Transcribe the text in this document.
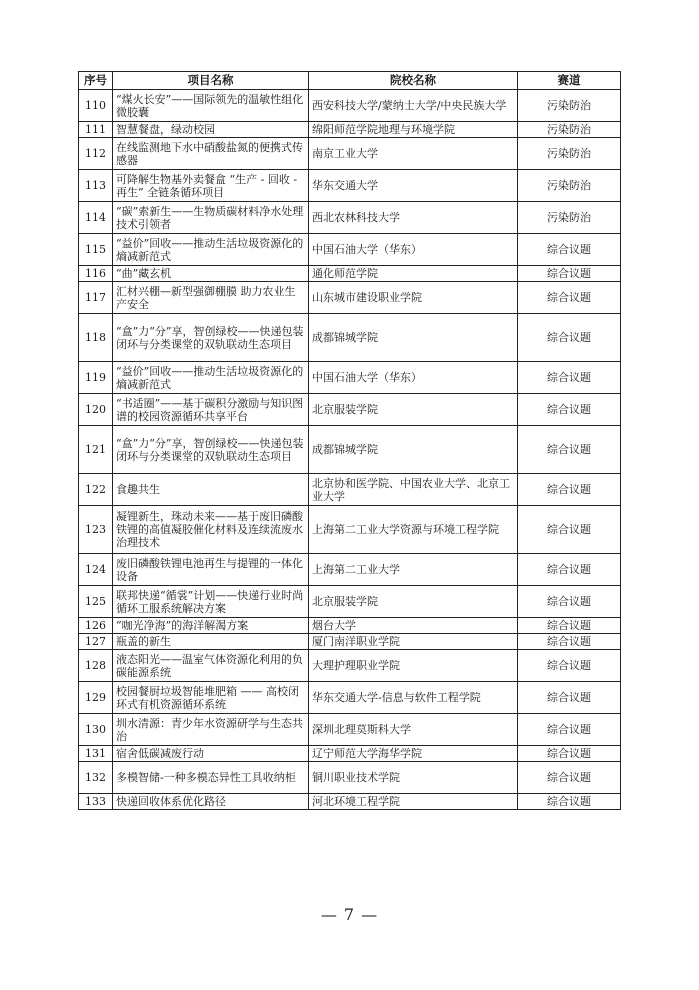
序号	项目名称	院校名称	赛道
110	“煤火长安”——国际领先的温敏性组化微胶囊	西安科技大学/蒙纳士大学/中央民族大学	污染防治
111	智慧餐盘，绿动校园	绵阳师范学院地理与环境学院	污染防治
112	在线监测地下水中硝酸盐氮的便携式传感器	南京工业大学	污染防治
113	可降解生物基外卖餐盒 “生产 - 回收 - 再生” 全链条循环项目	华东交通大学	污染防治
114	“碳”索新生——生物质碳材料净水处理技术引领者	西北农林科技大学	污染防治
115	“益价”回收——推动生活垃圾资源化的熵减新范式	中国石油大学（华东）	综合议题
116	“曲”藏玄机	通化师范学院	综合议题
117	汇材兴棚—新型强御棚膜 助力农业生产安全	山东城市建设职业学院	综合议题
118	“盒”力“分”享，智创绿校——快递包装闭环与分类课堂的双轨联动生态项目	成都锦城学院	综合议题
119	“益价”回收——推动生活垃圾资源化的熵减新范式	中国石油大学（华东）	综合议题
120	“书适圈”——基于碳积分激励与知识图谱的校园资源循环共享平台	北京服装学院	综合议题
121	“盒”力“分”享，智创绿校——快递包装闭环与分类课堂的双轨联动生态项目	成都锦城学院	综合议题
122	食趣共生	北京协和医学院、中国农业大学、北京工业大学	综合议题
123	凝锂新生，珠动未来——基于废旧磷酸铁锂的高值凝胶催化材料及连续流废水治理技术	上海第二工业大学资源与环境工程学院	综合议题
124	废旧磷酸铁锂电池再生与提锂的一体化设备	上海第二工业大学	综合议题
125	联邦快递“循裳”计划——快递行业时尚循环工服系统解决方案	北京服装学院	综合议题
126	“咖光净海”的海洋解渴方案	烟台大学	综合议题
127	瓶盖的新生	厦门南洋职业学院	综合议题
128	液态阳光——温室气体资源化利用的负碳能源系统	大理护理职业学院	综合议题
129	校园餐厨垃圾智能堆肥箱 —— 高校闭环式有机资源循环系统	华东交通大学-信息与软件工程学院	综合议题
130	圳水清源：青少年水资源研学与生态共治	深圳北理莫斯科大学	综合议题
131	宿舍低碳减废行动	辽宁师范大学海华学院	综合议题
132	多模智储-一种多模态异性工具收纳柜	铜川职业技术学院	综合议题
133	快递回收体系优化路径	河北环境工程学院	综合议题
— 7 —
